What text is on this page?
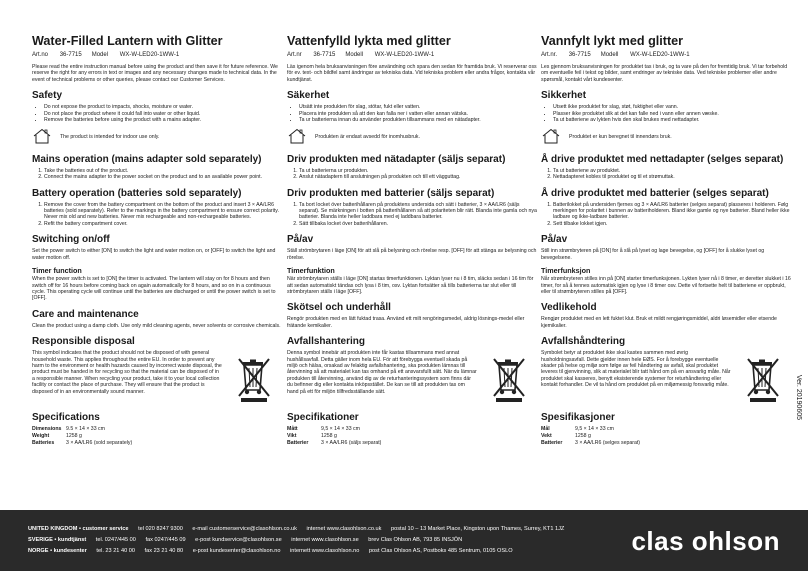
Water-Filled Lantern with Glitter
Art.no 36-7715 Model WX-W-LED20-1WW-1

Please read the entire instruction manual before using the product and then save it for future reference. We reserve the right for any errors in text or images and any necessary changes made to technical data. In the event of technical problems or other queries, please contact our Customer Services.

Safety
• Do not expose the product to impacts, shocks, moisture or water.
• Do not place the product where it could fall into water or other liquid.
• Remove the batteries before using the product with a mains adapter.
The product is intended for indoor use only.
Mains operation (mains adapter sold separately)
1. Take the batteries out of the product.
2. Connect the mains adapter to the power socket on the product and to an available power point.
Battery operation (batteries sold separately)
1. Remove the cover from the battery compartment on the bottom of the product and insert 3 × AA/LR6 batteries (sold separately). Refer to the markings in the battery compartment to ensure correct polarity. Never mix old and new batteries. Never mix rechargeable and non-rechargeable batteries.
2. Refit the battery compartment cover.
Switching on/off

Set the power switch to either [ON] to switch the light and water motion on, or [OFF] to switch the light and water motion off.

Timer function

When the power switch is set to [ON] the timer is activated. The lantern will stay on for 8 hours and then switch off for 16 hours before coming back on again automatically for 8 hours, and so on in a continuous cycle. This operating cycle will continue until the batteries are discharged or until the power switch is set to [OFF].

Care and maintenance

Clean the product using a damp cloth. Use only mild cleaning agents, never solvents or corrosive chemicals.

Responsible disposal
This symbol indicates that the product should not be disposed of with general household waste. This applies throughout the entire EU. In order to prevent any harm to the environment or health hazards caused by incorrect waste disposal, the product must be handed in for recycling so that the material can be disposed of in a responsible manner. When recycling your product, take it to your local collection facility or contact the place of purchase. They will ensure that the product is disposed of in an environmentally sound manner.
Specifications
Dimensions 9.5 × 14 × 33 cm
Weight	1258 g
Batteries	3 × AA/LR6 (sold separately)
Vattenfylld lykta med glitter
Art.nr 36-7715 Modell WX-W-LED20-1WW-1

Läs igenom hela bruksanvisningen före användning och spara den sedan för framtida bruk. Vi reserverar oss för ev. text- och bildfel samt ändringar av tekniska data. Vid tekniska problem eller andra frågor, kontakta vår kundtjänst.

Säkerhet
• Utsätt inte produkten för slag, stötar, fukt eller vatten.
• Placera inte produkten så att den kan falla ner i vatten eller annan vätska.
• Ta ur batterierna innan du använder produkten tillsammans med en nätadapter.
Produkten är endast avsedd för inomhusbruk.
Driv produkten med nätadapter (säljs separat)
1. Ta ut batterierna ur produkten.
2. Anslut nätadaptern till anslutningen på produkten och till ett vägguttag.
Driv produkten med batterier (säljs separat)
1. Ta bort locket över batterihållaren på produktens undersida och sätt i batterier, 3 × AA/LR6 (säljs separat). Se märkningen i botten på batterihållaren så att polariteten blir rätt. Blanda inte gamla och nya batterier. Blanda inte heller laddbara med ej laddbara batterier.
2. Sätt tillbaka locket över batterihållaren.
På/av

Ställ strömbrytaren i läge [ON] för att slå på belysning och rörelse resp. [OFF] för att stänga av belysning och rörelse.

Timerfunktion

När strömbrytaren ställs i läge [ON] startas timerfunktionen. Lyktan lyser nu i 8 tim, släcks sedan i 16 tim för att sedan automatiskt tändas och lysa i 8 tim, osv. Lyktan fortsätter så tills batterierna tar slut eller till strömbrytaren ställs i läge [OFF].

Skötsel och underhåll

Rengör produkten med en lätt fuktad trasa. Använd ett milt rengöringsmedel, aldrig lösnings-medel eller frätande kemikalier.

Avfallshantering
Denna symbol innebär att produkten inte får kastas tillsammans med annat hushållsavfall. Detta gäller inom hela EU. För att förebygga eventuell skada på miljö och hälsa, orsakad av felaktig avfallshantering, ska produkten lämnas till återvinning så att materialet kan tas omhand på ett ansvarsfullt sätt. När du lämnar produkten till återvinning, använd dig av de returhanteringssystem som finns där du befinner dig eller kontakta inköpsstället. De kan se till att produkten tas om hand på ett för miljön tillfredsställande sätt.
Specifikationer
Mått	9,5 × 14 × 33 cm
Vikt	1258 g
Batterier	3 × AA/LR6 (säljs separat)
Vannfylt lykt med glitter
Art.nr. 36-7715 Modell WX-W-LED20-1WW-1

Les gjennom bruksanvisningen for produktet tas i bruk, og ta vare på den for fremtidig bruk. Vi tar forbehold om eventuelle feil i tekst og bilder, samt endringer av tekniske data. Ved tekniske problemer eller andre spørsmål, kontakt vårt kundesenter.

Sikkerhet
• Utsett ikke produktet for slag, støt, fuktighet eller vann.
• Plasser ikke produktet slik at det kan falle ned i vann eller annen væske.
• Ta ut batteriene av lykten hvis den skal brukes med nettadapter.
Produktet er kun beregnet til innendørs bruk.
Å drive produktet med nettadapter (selges separat)
1. Ta ut batteriene av produktet.
2. Nettadapteret kobles til produktet og til et strømuttak.
Å drive produktet med batterier (selges separat)
1. Batterilokket på undersiden fjernes og 3 × AA/LR6 batterier (selges separat) plasseres i holderen. Følg merkingen for polaritet i bunnen av batteriholderen. Bland ikke gamle og nye batterier. Bland heller ikke ladbare og ikke-ladbare batterier.
2. Sett tilbake lokket igjen.
På/av

Still inn strømbryteren på [ON] for å slå på lyset og lage bevegelse, og [OFF] for å slukke lyset og bevegelsene.

Timerfunksjon

Når strømbryteren stilles inn på [ON] starter timerfunksjonen. Lykten lyser nå i 8 timer, er deretter slukket i 16 timer, for så å tennes automatisk igjen og lyse i 8 timer osv. Dette vil fortsette helt til batteriene er oppbrukt, eller til strømbryteren stilles på [OFF].

Vedlikehold

Rengjør produktet med en lett fuktet klut. Bruk et mildt rengjøringsmiddel, aldri løsemidler eller etsende kjemikalier.

Avfallshåndtering
Symbolet betyr at produktet ikke skal kastes sammen med øvrig husholdningsavfall. Dette gjelder innen hele EØS. For å forebygge eventuelle skader på helse og miljø som følge av feil håndtering av avfall, skal produktet leveres til gjenvinning, slik at materialet blir tatt hånd om på en ansvarlig måte. Når produktet skal kasseres, benytt eksisterende systemer for returhåndtering eller kontakt forhandler. De vil ta hånd om produktet på en miljømessig forsvarlig måte.
Spesifikasjoner
Mål	9,5 × 14 × 33 cm
Vekt	1258 g
Batterier	3 × AA/LR6 (selges separat)
Ver. 20190605
UNITED KINGDOM • customer service tel 020 8247 9300 e-mail customerservice@clasohlson.co.uk internet www.clasohlson.co.uk postal 10 – 13 Market Place, Kingston upon Thames, Surrey, KT1 1JZ
SVERIGE • kundtjänst tel. 0247/445 00 fax 0247/445 09 e-post kundservice@clasohlson.se internet www.clasohlson.se brev Clas Ohlson AB, 793 85 INSJÖN
NORGE • kundesenter tel. 23 21 40 00 fax 23 21 40 80 e-post kundesenter@clasohlson.no internett www.clasohlson.no post Clas Ohlson AS, Postboks 485 Sentrum, 0105 OSLO	clas ohlson
